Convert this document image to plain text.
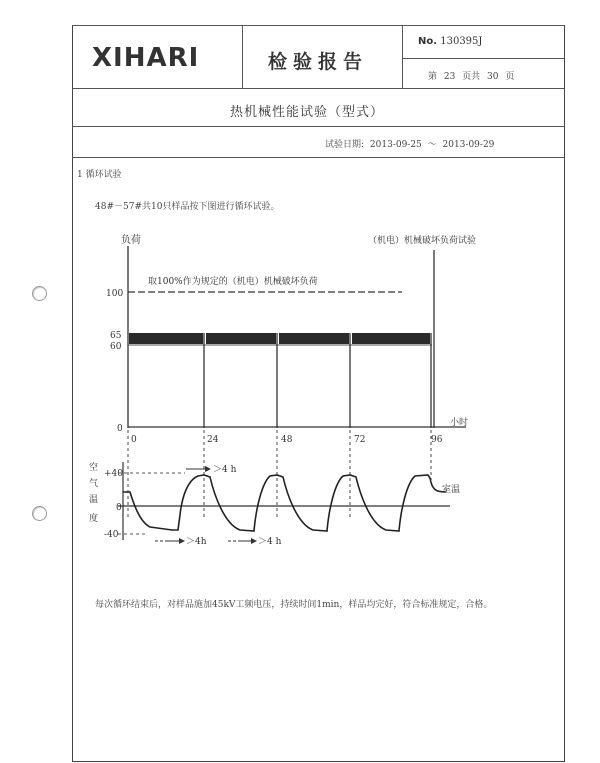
XIHARI	检验报告
No. 130395J
第 23 页共 30 页
热机械性能试验（型式）
试验日期: 2013-09-25 ～ 2013-09-29
1 循环试验
48#－57#共10只样品按下图进行循环试验。
负荷	（机电）机械破坏负荷试验
取100%作为规定的（机电）机械破坏负荷
100
65
60
0
小时
0	24	48	72	96
空
气
温
度
+40
0
-40
＞4 h
＞4h	＞4 h
室温
每次循环结束后，对样品施加45kV工频电压，持续时间1min，样品均完好，符合标准规定，合格。
